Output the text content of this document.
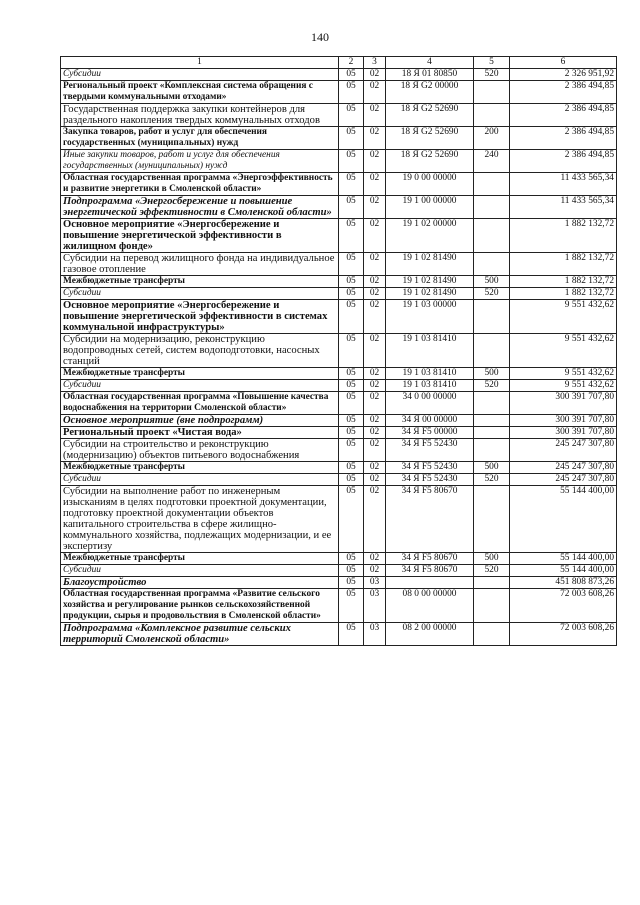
140
1	2	3	4	5	6
Субсидии	05	02	18 Я 01 80850	520	2 326 951,92
Региональный проект «Комплексная система обращения с твердыми коммунальными отходами»	05	02	18 Я G2 00000		2 386 494,85
Государственная поддержка закупки контейнеров для раздельного накопления твердых коммунальных отходов	05	02	18 Я G2 52690		2 386 494,85
Закупка товаров, работ и услуг для обеспечения государственных (муниципальных) нужд	05	02	18 Я G2 52690	200	2 386 494,85
Иные закупки товаров, работ и услуг для обеспечения государственных (муниципальных) нужд	05	02	18 Я G2 52690	240	2 386 494,85
Областная государственная программа «Энергоэффективность и развитие энергетики в Смоленской области»	05	02	19 0 00 00000		11 433 565,34
Подпрограмма «Энергосбережение и повышение энергетической эффективности в Смоленской области»	05	02	19 1 00 00000		11 433 565,34
Основное мероприятие «Энергосбережение и повышение энергетической эффективности в жилищном фонде»	05	02	19 1 02 00000		1 882 132,72
Субсидии на перевод жилищного фонда на индивидуальное газовое отопление	05	02	19 1 02 81490		1 882 132,72
Межбюджетные трансферты	05	02	19 1 02 81490	500	1 882 132,72
Субсидии	05	02	19 1 02 81490	520	1 882 132,72
Основное мероприятие «Энергосбережение и повышение энергетической эффективности в системах коммунальной инфраструктуры»	05	02	19 1 03 00000		9 551 432,62
Субсидии на модернизацию, реконструкцию водопроводных сетей, систем водоподготовки, насосных станций	05	02	19 1 03 81410		9 551 432,62
Межбюджетные трансферты	05	02	19 1 03 81410	500	9 551 432,62
Субсидии	05	02	19 1 03 81410	520	9 551 432,62
Областная государственная программа «Повышение качества водоснабжения на территории Смоленской области»	05	02	34 0 00 00000		300 391 707,80
Основное мероприятие (вне подпрограмм)	05	02	34 Я 00 00000		300 391 707,80
Региональный проект «Чистая вода»	05	02	34 Я F5 00000		300 391 707,80
Субсидии на строительство и реконструкцию (модернизацию) объектов питьевого водоснабжения	05	02	34 Я F5 52430		245 247 307,80
Межбюджетные трансферты	05	02	34 Я F5 52430	500	245 247 307,80
Субсидии	05	02	34 Я F5 52430	520	245 247 307,80
Субсидии на выполнение работ по инженерным изысканиям в целях подготовки проектной документации, подготовку проектной документации объектов капитального строительства в сфере жилищно-коммунального хозяйства, подлежащих модернизации, и ее экспертизу	05	02	34 Я F5 80670		55 144 400,00
Межбюджетные трансферты	05	02	34 Я F5 80670	500	55 144 400,00
Субсидии	05	02	34 Я F5 80670	520	55 144 400,00
Благоустройство	05	03			451 808 873,26
Областная государственная программа «Развитие сельского хозяйства и регулирование рынков сельскохозяйственной продукции, сырья и продовольствия в Смоленской области»	05	03	08 0 00 00000		72 003 608,26
Подпрограмма «Комплексное развитие сельских территорий Смоленской области»	05	03	08 2 00 00000		72 003 608,26
